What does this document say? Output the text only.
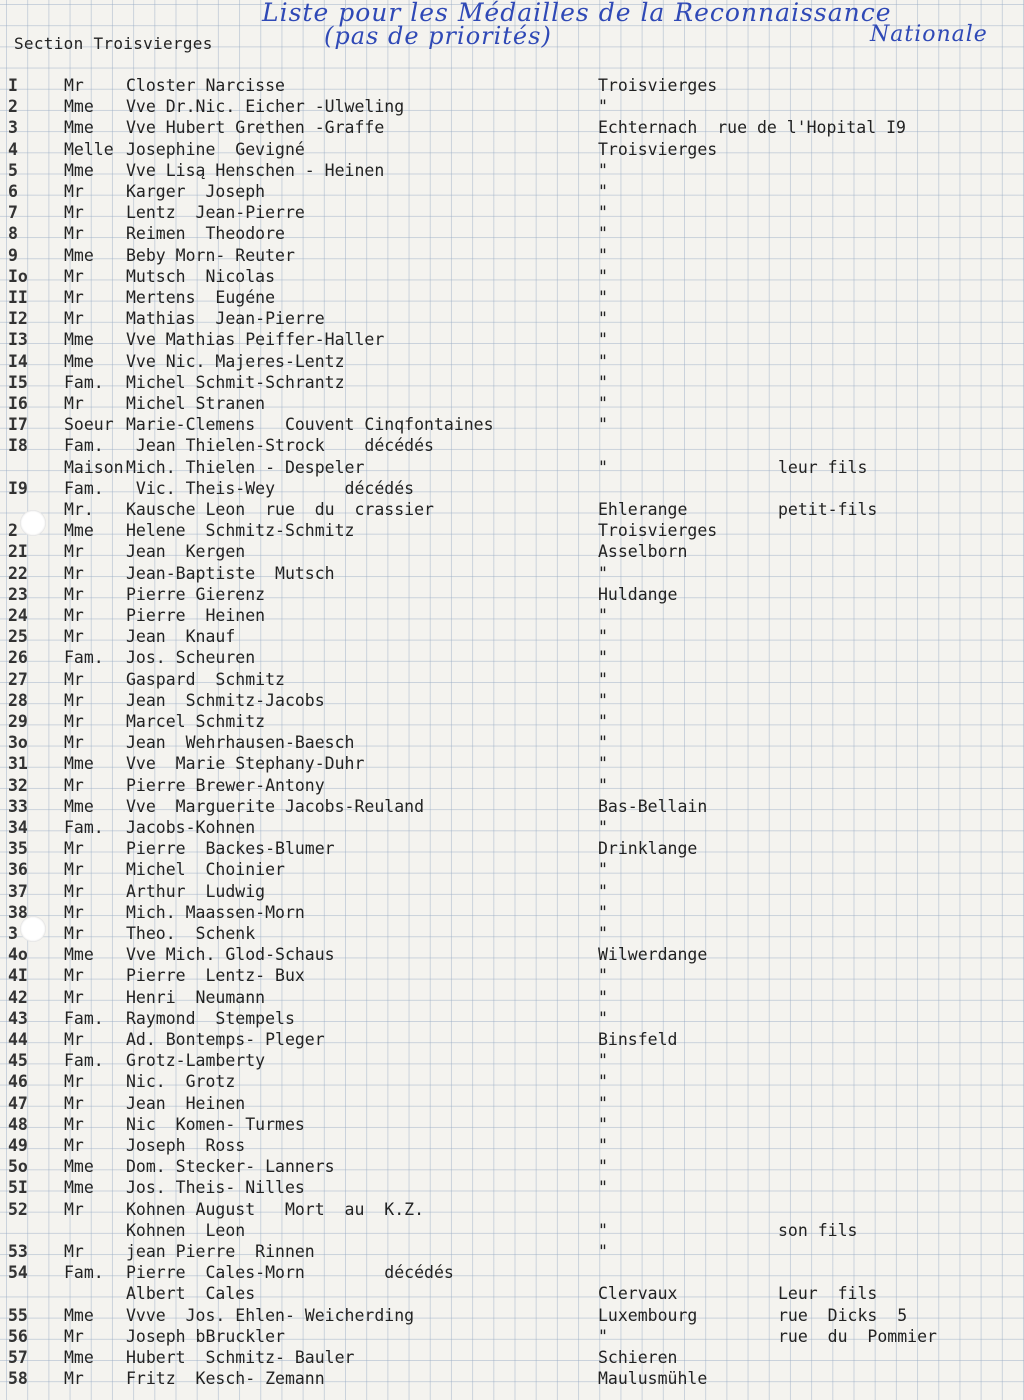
Liste pour les Médailles de la Reconnaissance
(pas de priorités)	Nationale
Section Troisvierges
I	Mr	Closter Narcisse	Troisvierges
2	Mme Vve Dr.Nic. Eicher -Ulweling	"
3	Mme Vve Hubert Grethen -Graffe	Echternach  rue de l'Hopital I9
4	Melle Josephine  Gevigné	Troisvierges
5	Mme Vve Lisą Henschen - Heinen	"
6	Mr	Karger  Joseph	"
7	Mr	Lentz  Jean-Pierre	"
8	Mr	Reimen  Theodore	"
9	Mme Beby Morn- Reuter	"
Io	Mr	Mutsch  Nicolas	"
II	Mr	Mertens  Eugéne	"
I2	Mr	Mathias  Jean-Pierre	"
I3	Mme Vve Mathias Peiffer-Haller	"
I4	Mme Vve Nic. Majeres-Lentz	"
I5	Fam. Michel Schmit-Schrantz	"
I6	Mr	Michel Stranen	"
I7	Soeur Marie-Clemens   Couvent Cinqfontaines	"
I8	Fam. Jean Thielen-Strock    décédés
Maison Mich. Thielen - Despeler	"	leur fils
I9	Fam. Vic. Theis-Wey       décédés
Mr. Kausche Leon  rue  du  crassier	Ehlerange	petit-fils
2	Mme Helene  Schmitz-Schmitz	Troisvierges
2I	Mr	Jean  Kergen	Asselborn
22	Mr	Jean-Baptiste  Mutsch	"
23	Mr	Pierre Gierenz	Huldange
24	Mr	Pierre  Heinen	"
25	Mr	Jean  Knauf	"
26	Fam. Jos. Scheuren	"
27	Mr	Gaspard  Schmitz	"
28	Mr	Jean  Schmitz-Jacobs	"
29	Mr	Marcel Schmitz	"
3o	Mr	Jean  Wehrhausen-Baesch	"
31	Mme Vve  Marie Stephany-Duhr	"
32	Mr	Pierre Brewer-Antony	"
33	Mme Vve  Marguerite Jacobs-Reuland	Bas-Bellain
34	Fam. Jacobs-Kohnen	"
35	Mr	Pierre  Backes-Blumer	Drinklange
36	Mr	Michel  Choinier	"
37	Mr	Arthur  Ludwig	"
38	Mr	Mich. Maassen-Morn	"
3	Mr	Theo.  Schenk	"
4o	Mme Vve Mich. Glod-Schaus	Wilwerdange
4I	Mr	Pierre  Lentz- Bux	"
42	Mr	Henri  Neumann	"
43	Fam. Raymond  Stempels	"
44	Mr	Ad. Bontemps- Pleger	Binsfeld
45	Fam. Grotz-Lamberty	"
46	Mr	Nic.  Grotz	"
47	Mr	Jean  Heinen	"
48	Mr	Nic  Komen- Turmes	"
49	Mr	Joseph  Ross	"
5o	Mme Dom. Stecker- Lanners	"
5I	Mme Jos. Theis- Nilles	"
52	Mr	Kohnen August   Mort  au  K.Z.
Kohnen  Leon	"	son fils
53	Mr	jean Pierre  Rinnen	"
54	Fam. Pierre  Cales-Morn        décédés
Albert  Cales	Clervaux	Leur  fils
55	Mme Vvve  Jos. Ehlen- Weicherding	Luxembourg	rue  Dicks  5
56	Mr	Joseph bBruckler	"	rue  du  Pommier
57	Mme Hubert  Schmitz- Bauler	Schieren
58	Mr	Fritz  Kesch- Zemann	Maulusmühle
